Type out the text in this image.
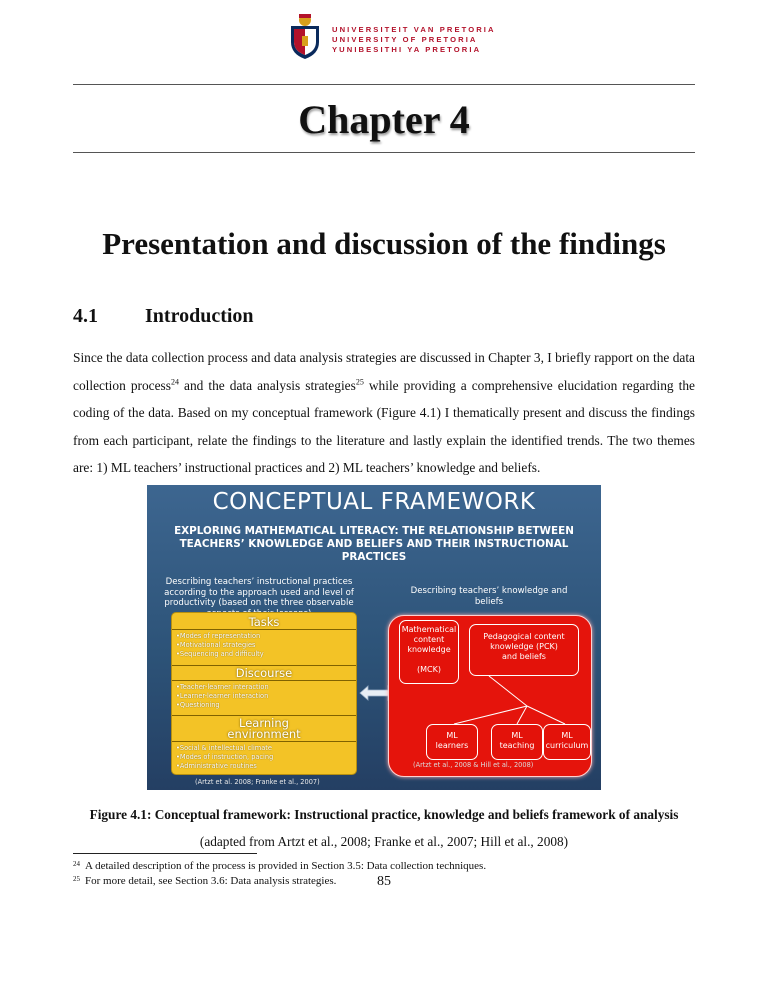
UNIVERSITEIT VAN PRETORIA
UNIVERSITY OF PRETORIA
YUNIBESITHI YA PRETORIA
Chapter 4
Presentation and discussion of the findings
4.1 Introduction
Since the data collection process and data analysis strategies are discussed in Chapter 3, I briefly rapport on the data collection process$^{24}$ and the data analysis strategies$^{25}$ while providing a comprehensive elucidation regarding the coding of the data. Based on my conceptual framework (Figure 4.1) I thematically present and discuss the findings from each participant, relate the findings to the literature and lastly explain the identified trends. The two themes are: 1) ML teachers’ instructional practices and 2) ML teachers’ knowledge and beliefs.
CONCEPTUAL FRAMEWORK
EXPLORING MATHEMATICAL LITERACY: THE RELATIONSHIP BETWEEN TEACHERS’ KNOWLEDGE AND BELIEFS AND THEIR INSTRUCTIONAL PRACTICES
Describing teachers’ instructional practices according to the approach used and level of productivity (based on the three observable
Describing teachers’ knowledge and beliefs
Tasks
•Modes of representation
•Motivational strategies
•Sequencing and difficulty
Discourse
•Teacher-learner interaction
•Learner-learner interaction
•Questioning
Learning
environment
•Social & intellectual climate
•Modes of instruction, pacing
•Administrative routines
Mathematical
content
knowledge
(MCK)
Pedagogical content
knowledge (PCK)
and beliefs
ML
learners
ML
teaching
ML
curriculum
(Artzt et al., 2008 & Hill et al., 2008)
(Artzt et al. 2008; Franke et al., 2007)
Figure 4.1: Conceptual framework: Instructional practice, knowledge and beliefs framework of analysis (adapted from Artzt et al., 2008; Franke et al., 2007; Hill et al., 2008)
24 A detailed description of the process is provided in Section 3.5: Data collection techniques.
25 For more detail, see Section 3.6: Data analysis strategies.	85
